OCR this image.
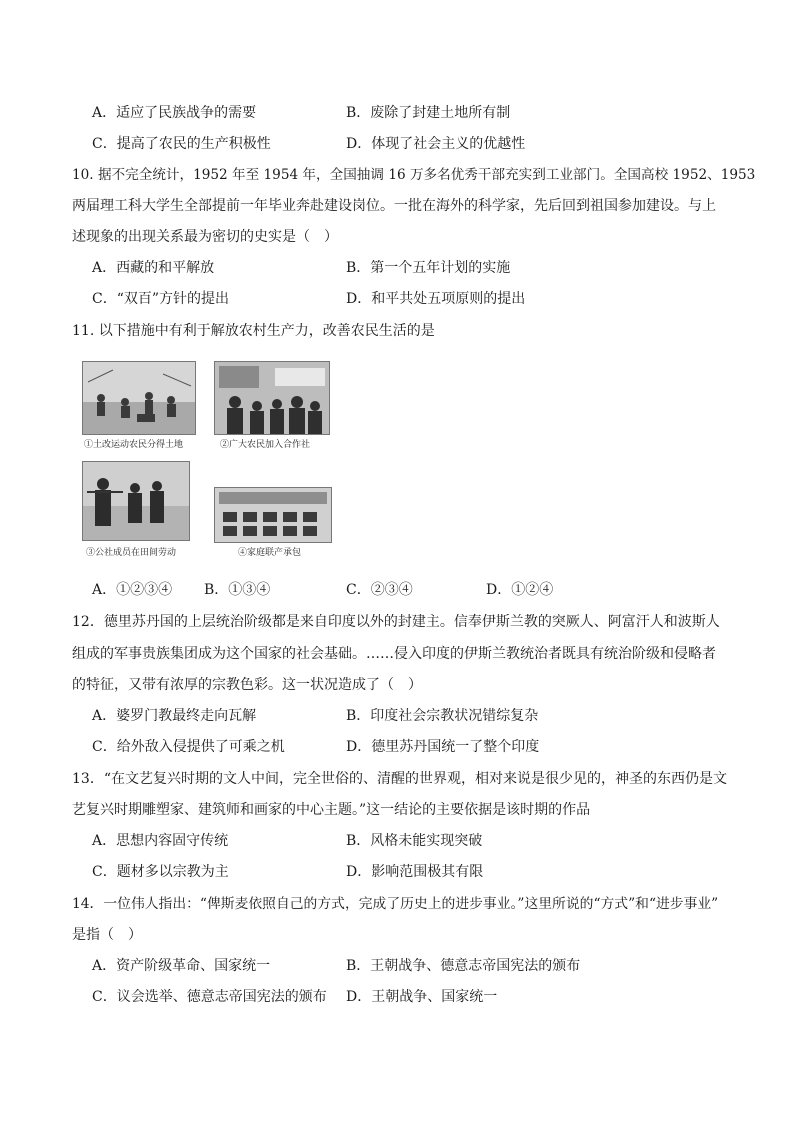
A．适应了民族战争的需要	B．废除了封建土地所有制
C．提高了农民的生产积极性	D．体现了社会主义的优越性
10. 据不完全统计，1952 年至 1954 年，全国抽调 16 万多名优秀干部充实到工业部门。全国高校 1952、1953
两届理工科大学生全部提前一年毕业奔赴建设岗位。一批在海外的科学家，先后回到祖国参加建设。与上
述现象的出现关系最为密切的史实是（　）
A．西藏的和平解放	B．第一个五年计划的实施
C．“双百”方针的提出	D．和平共处五项原则的提出
11. 以下措施中有利于解放农村生产力，改善农民生活的是
①土改运动农民分得土地	②广大农民加入合作社
③公社成员在田间劳动	④家庭联产承包
A．①②③④ B．①③④	C．②③④	D．①②④
12．德里苏丹国的上层统治阶级都是来自印度以外的封建主。信奉伊斯兰教的突厥人、阿富汗人和波斯人
组成的军事贵族集团成为这个国家的社会基础。……侵入印度的伊斯兰教统治者既具有统治阶级和侵略者
的特征，又带有浓厚的宗教色彩。这一状况造成了（　）
A．婆罗门教最终走向瓦解	B．印度社会宗教状况错综复杂
C．给外敌入侵提供了可乘之机	D．德里苏丹国统一了整个印度
13．“在文艺复兴时期的文人中间，完全世俗的、清醒的世界观，相对来说是很少见的，神圣的东西仍是文
艺复兴时期雕塑家、建筑师和画家的中心主题。”这一结论的主要依据是该时期的作品
A．思想内容固守传统	B．风格未能实现突破
C．题材多以宗教为主	D．影响范围极其有限
14．一位伟人指出：“俾斯麦依照自己的方式，完成了历史上的进步事业。”这里所说的“方式”和“进步事业”
是指（　）
A．资产阶级革命、国家统一	B．王朝战争、德意志帝国宪法的颁布
C．议会选举、德意志帝国宪法的颁布 D．王朝战争、国家统一
